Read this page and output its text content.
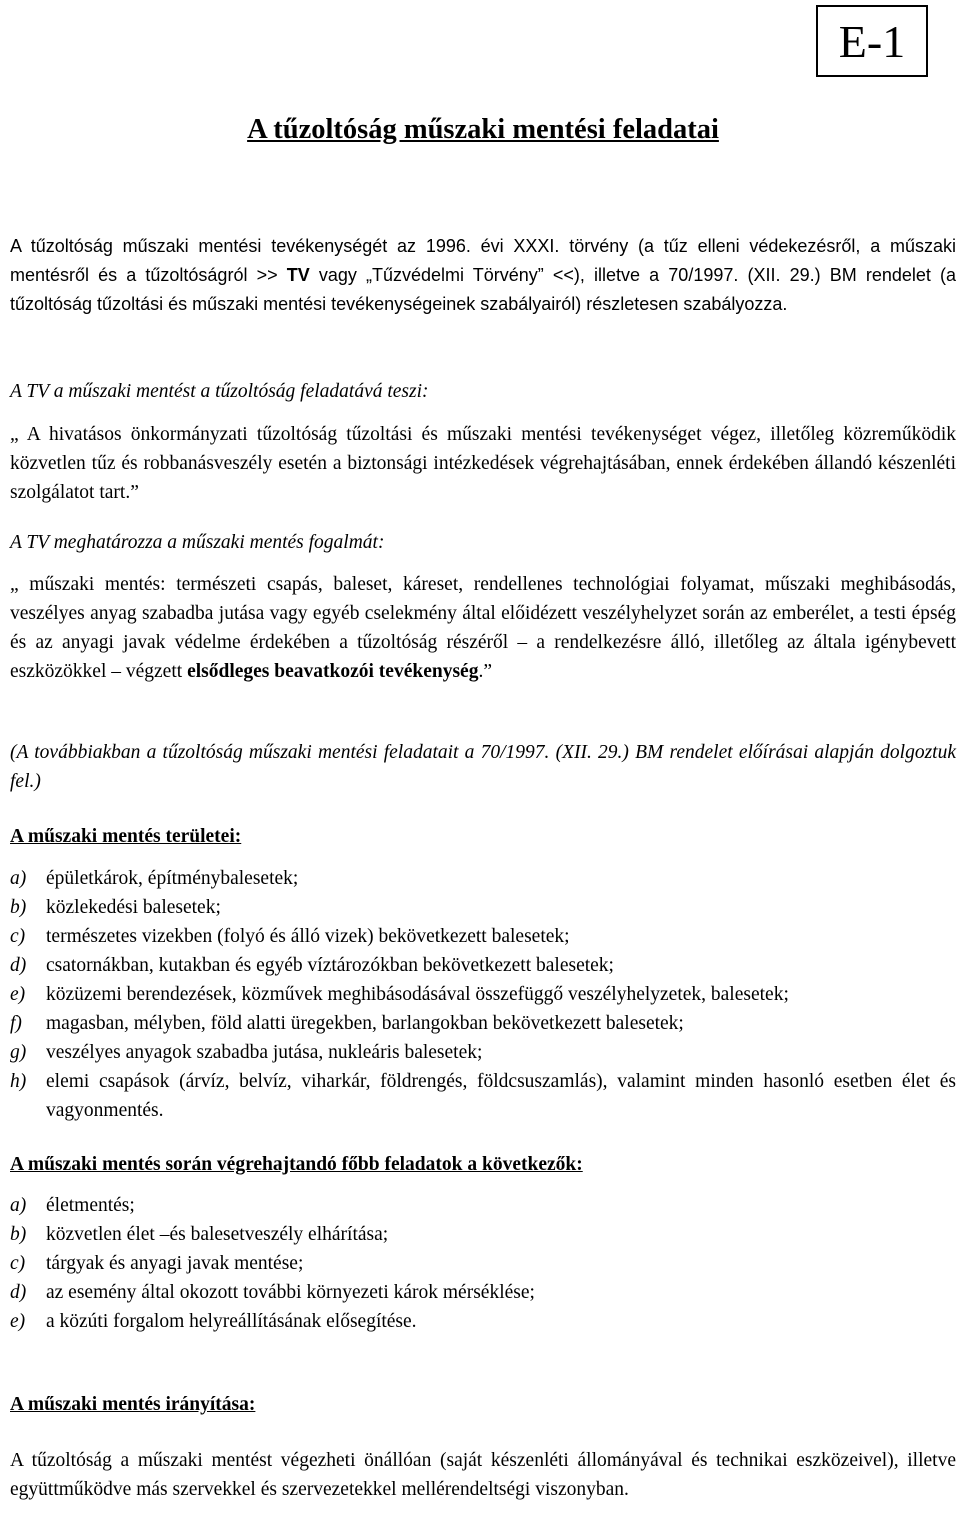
E-1
A tűzoltóság műszaki mentési feladatai

A tűzoltóság műszaki mentési tevékenységét az 1996. évi XXXI. törvény (a tűz elleni védekezésről, a műszaki mentésről és a tűzoltóságról >> TV vagy „Tűzvédelmi Törvény” <<), illetve a 70/1997. (XII. 29.) BM rendelet (a tűzoltóság tűzoltási és műszaki mentési tevékenységeinek szabályairól) részletesen szabályozza.

A TV a műszaki mentést a tűzoltóság feladatává teszi:

„ A hivatásos önkormányzati tűzoltóság tűzoltási és műszaki mentési tevékenységet végez, illetőleg közreműködik közvetlen tűz és robbanásveszély esetén a biztonsági intézkedések végrehajtásában, ennek érdekében állandó készenléti szolgálatot tart.”

A TV meghatározza a műszaki mentés fogalmát:

„ műszaki mentés: természeti csapás, baleset, káreset, rendellenes technológiai folyamat, műszaki meghibásodás, veszélyes anyag szabadba jutása vagy egyéb cselekmény által előidézett veszélyhelyzet során az emberélet, a testi épség és az anyagi javak védelme érdekében a tűzoltóság részéről – a rendelkezésre álló, illetőleg az általa igénybevett eszközökkel – végzett elsődleges beavatkozói tevékenység.”

(A továbbiakban a tűzoltóság műszaki mentési feladatait a 70/1997. (XII. 29.) BM rendelet előírásai alapján dolgoztuk fel.)

A műszaki mentés területei:

a)	épületkárok, építménybalesetek;
b)	közlekedési balesetek;
c)	természetes vizekben (folyó és álló vizek) bekövetkezett balesetek;
d)	csatornákban, kutakban és egyéb víztározókban bekövetkezett balesetek;
e)	közüzemi berendezések, közművek meghibásodásával összefüggő veszélyhelyzetek, balesetek;
f)	magasban, mélyben, föld alatti üregekben, barlangokban bekövetkezett balesetek;
g)	veszélyes anyagok szabadba jutása, nukleáris balesetek;
h)	elemi csapások (árvíz, belvíz, viharkár, földrengés, földcsuszamlás), valamint minden hasonló esetben élet és vagyonmentés.

A műszaki mentés során végrehajtandó főbb feladatok a következők:

a)	életmentés;
b)	közvetlen élet –és balesetveszély elhárítása;
c)	tárgyak és anyagi javak mentése;
d)	az esemény által okozott további környezeti károk mérséklése;
e)	a közúti forgalom helyreállításának elősegítése.

A műszaki mentés irányítása:

A tűzoltóság a műszaki mentést végezheti önállóan (saját készenléti állományával és technikai eszközeivel), illetve együttműködve más szervekkel és szervezetekkel mellérendeltségi viszonyban.
